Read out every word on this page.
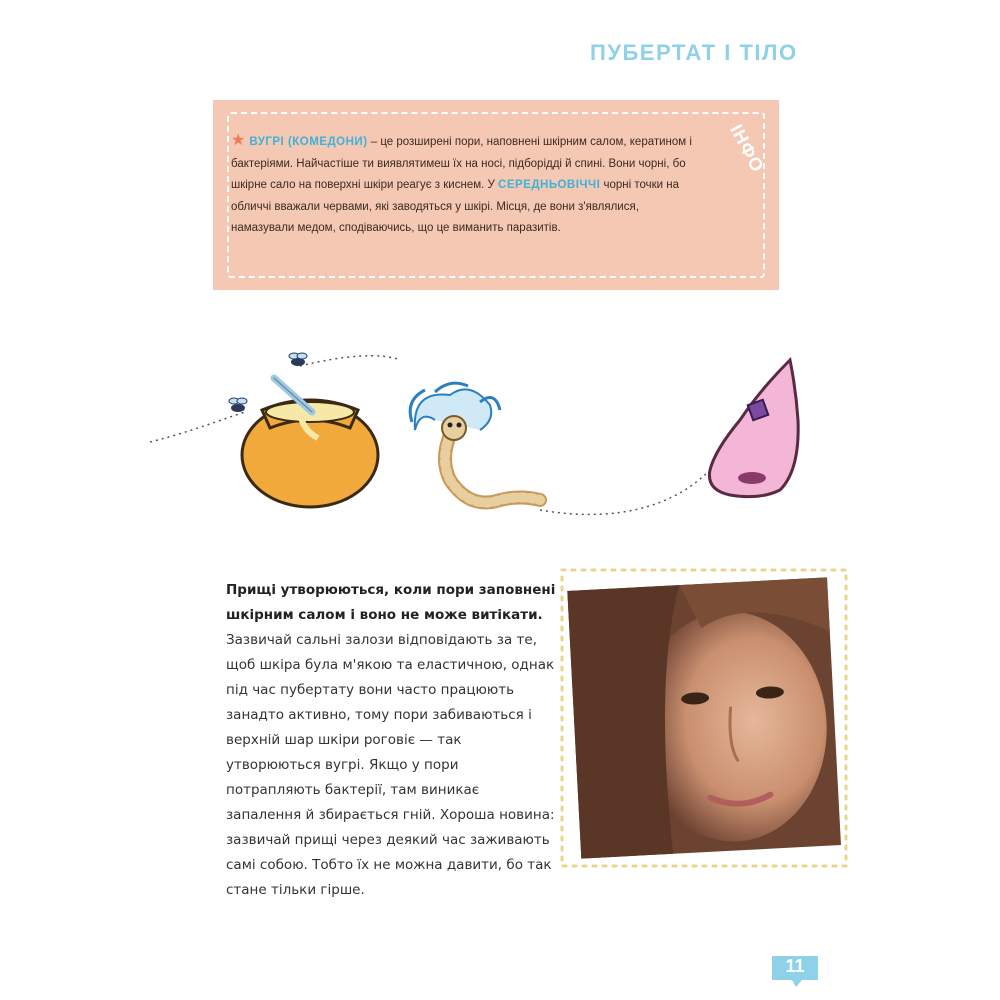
ПУБЕРТАТ І ТІЛО
★ ВУГРІ (КОМЕДОНИ) – це розширені пори, наповнені шкірним салом, кератином і бактеріями. Найчастіше ти виявлятимеш їх на носі, підборідді й спині. Вони чорні, бо шкірне сало на поверхні шкіри реагує з киснем. У СЕРЕДНЬОВІЧЧІ чорні точки на обличчі вважали червами, які заводяться у шкірі. Місця, де вони з'являлися, намазували медом, сподіваючись, що це виманить паразитів.
ІНФО

Прищі утворюються, коли пори заповнені шкірним салом і воно не може витікати. Зазвичай сальні залози відповідають за те, щоб шкіра була м'якою та еластичною, однак під час пубертату вони часто працюють занадто активно, тому пори забиваються і верхній шар шкіри роговіє — так утворюються вугрі. Якщо у пори потрапляють бактерії, там виникає запалення й збирається гній. Хороша новина: зазвичай прищі через деякий час заживають самі собою. Тобто їх не можна давити, бо так стане тільки гірше.

11
